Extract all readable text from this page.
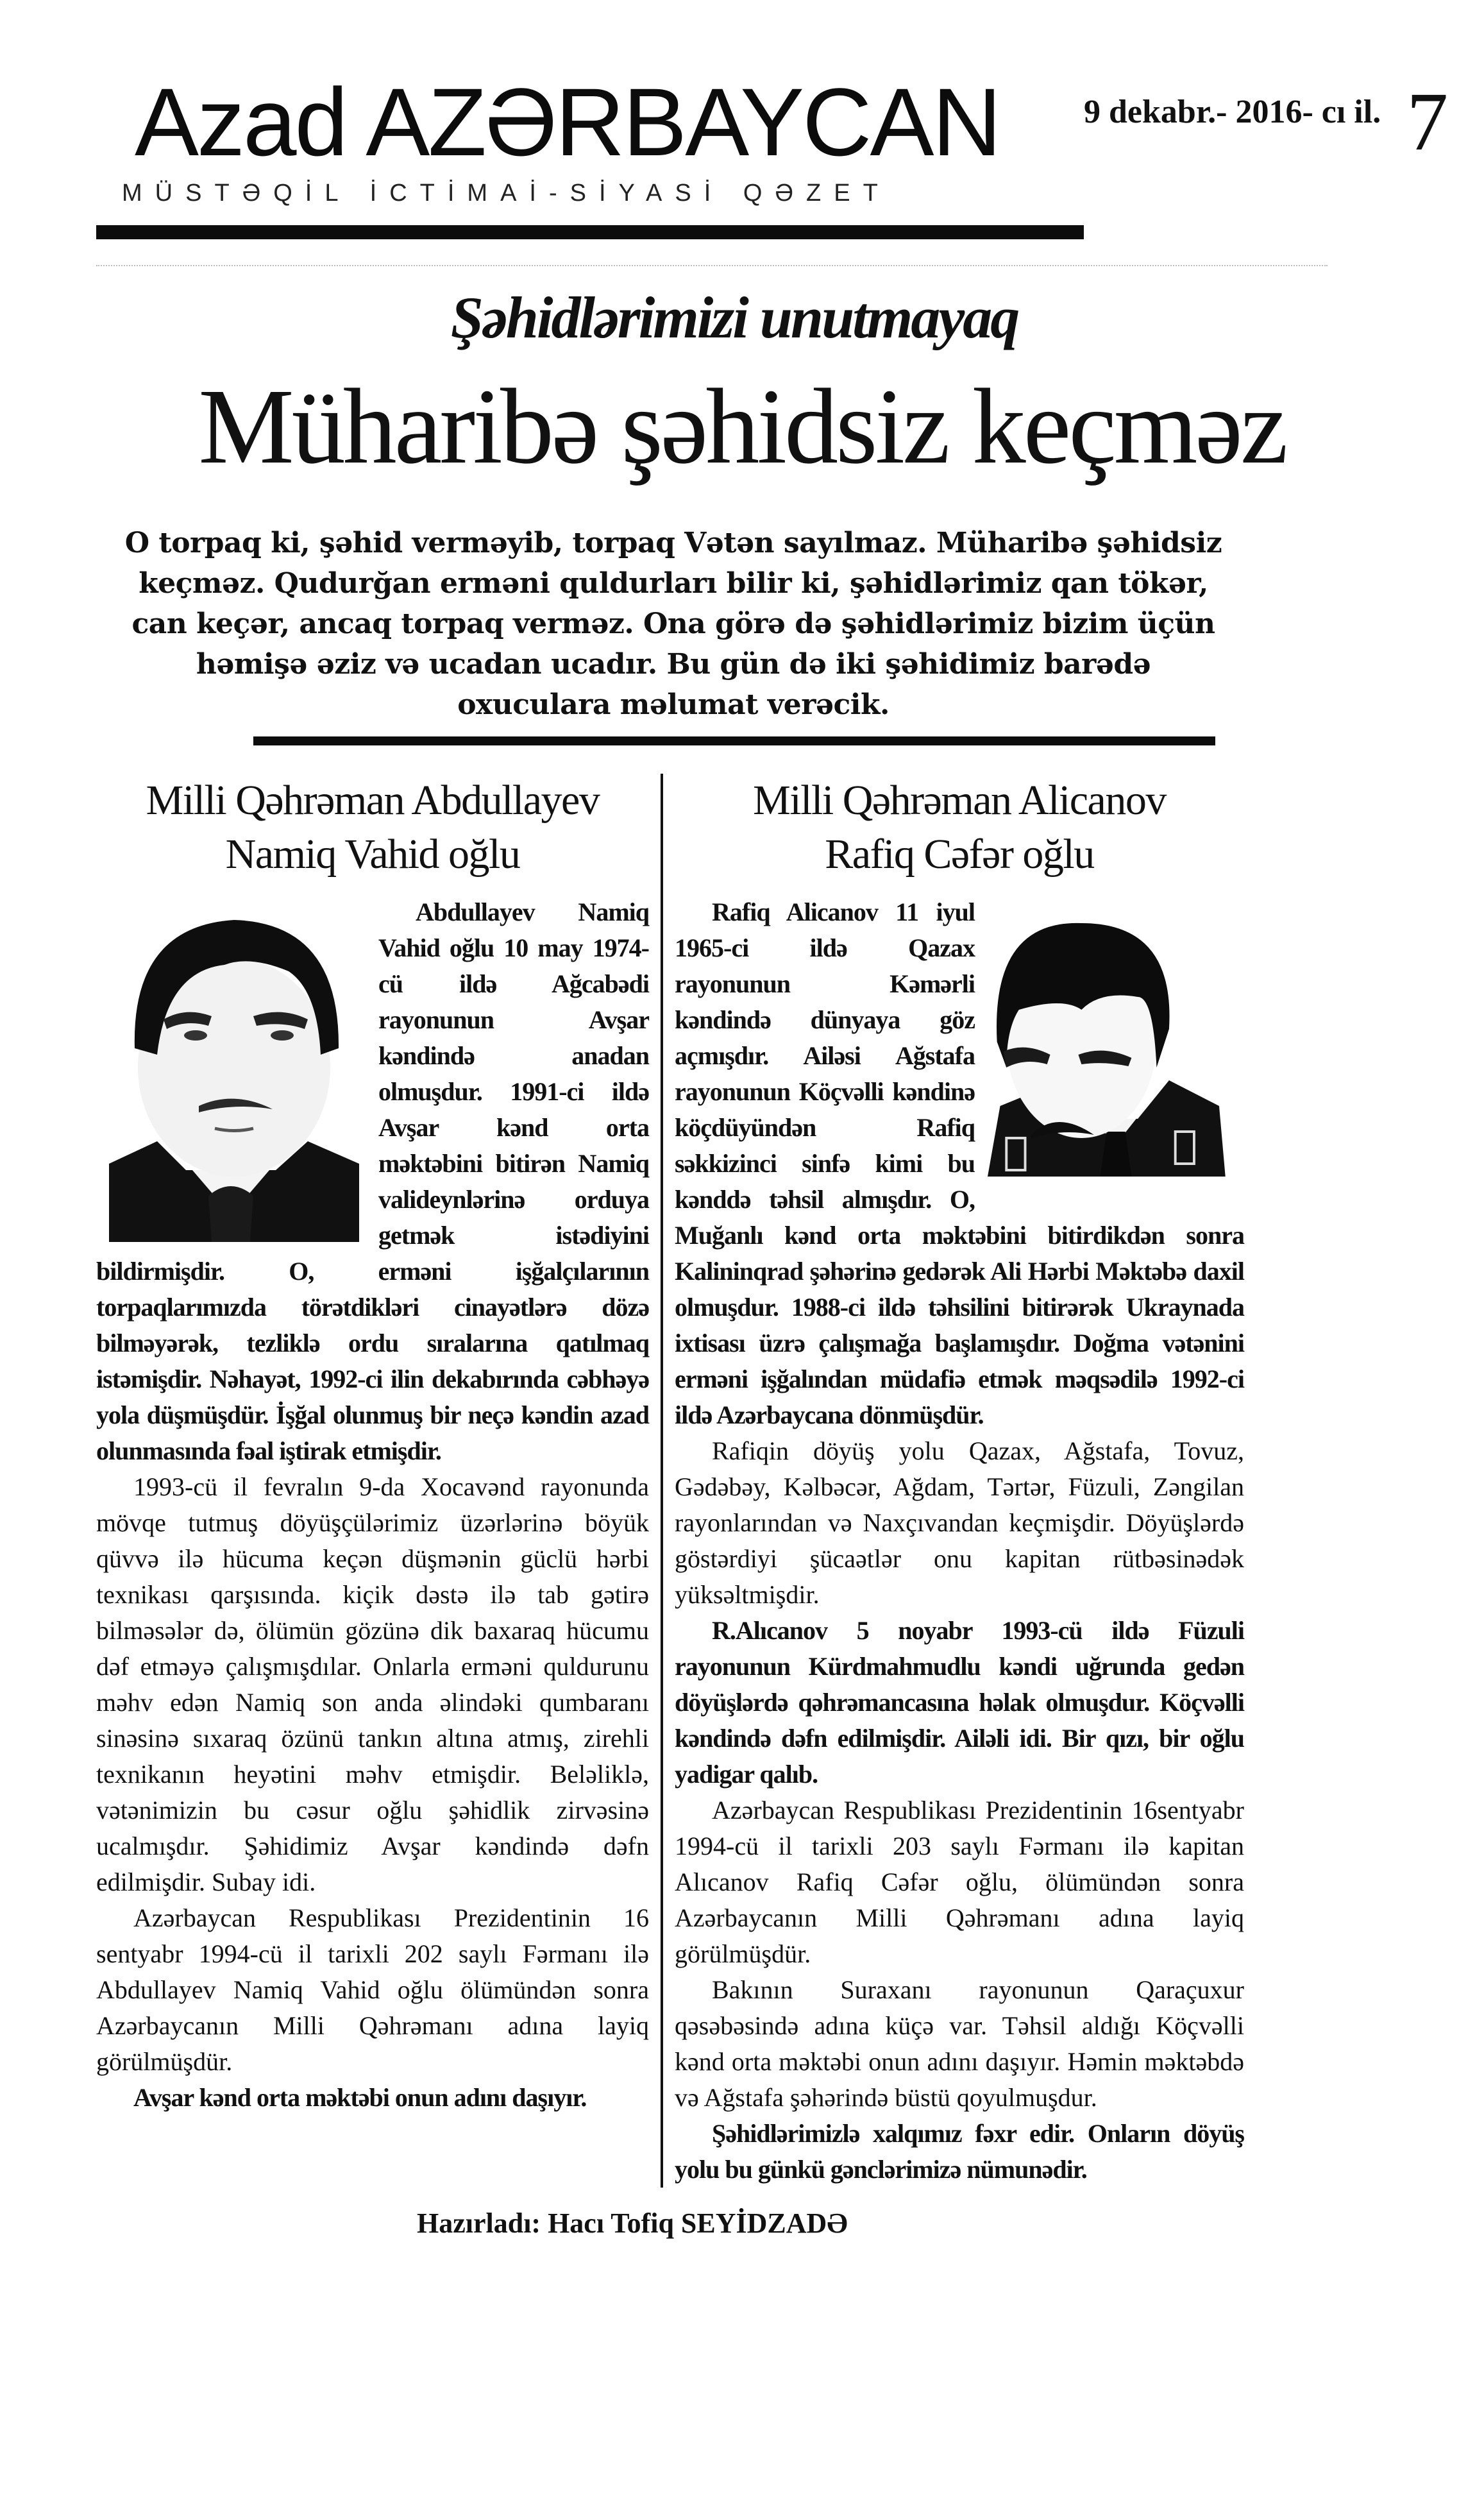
Azad AZƏRBAYCAN
MÜSTƏQİL İCTİMAİ-SİYASİ QƏZET
9 dekabr.- 2016- cı il. 7
Şəhidlərimizi unutmayaq
Müharibə şəhidsiz keçməz
O torpaq ki, şəhid verməyib, torpaq Vətən sayılmaz. Müharibə şəhidsiz keçməz. Qudurğan erməni quldurları bilir ki, şəhidlərimiz qan tökər, can keçər, ancaq torpaq verməz. Ona görə də şəhidlərimiz bizim üçün həmişə əziz və ucadan ucadır. Bu gün də iki şəhidimiz barədə oxuculara məlumat verəcik.
Milli Qəhrəman Abdullayev
Namiq Vahid oğlu

Abdullayev Namiq Vahid oğlu 10 may 1974-cü ildə Ağcabədi rayonunun Avşar kəndində anadan olmuşdur. 1991-ci ildə Avşar kənd orta məktəbini bitirən Namiq valideynlərinə orduya getmək istədiyini bildirmişdir. O, erməni işğalçılarının torpaqlarımızda törətdikləri cinayətlərə dözə bilməyərək, tezliklə ordu sıralarına qatılmaq istəmişdir. Nəhayət, 1992-ci ilin dekabırında cəbhəyə yola düşmüşdür. İşğal olunmuş bir neçə kəndin azad olunmasında fəal iştirak etmişdir.

1993-cü il fevralın 9-da Xocavənd rayonunda mövqe tutmuş döyüşçülərimiz üzərlərinə böyük qüvvə ilə hücuma keçən düşmənin güclü hərbi texnikası qarşısında. kiçik dəstə ilə tab gətirə bilməsələr də, ölümün gözünə dik baxaraq hücumu dəf etməyə çalışmışdılar. Onlarla erməni quldurunu məhv edən Namiq son anda əlindəki qumbaranı sinəsinə sıxaraq özünü tankın altına atmış, zirehli texnikanın heyətini məhv etmişdir. Beləliklə, vətənimizin bu cəsur oğlu şəhidlik zirvəsinə ucalmışdır. Şəhidimiz Avşar kəndində dəfn edilmişdir. Subay idi.

Azərbaycan Respublikası Prezidentinin 16 sentyabr 1994-cü il tarixli 202 saylı Fərmanı ilə Abdullayev Namiq Vahid oğlu ölümündən sonra Azərbaycanın Milli Qəhrəmanı adına layiq görülmüşdür.

Avşar kənd orta məktəbi onun adını daşıyır.

Milli Qəhrəman Alicanov
Rafiq Cəfər oğlu

Rafiq Alicanov 11 iyul 1965-ci ildə Qazax rayonunun Kəmərli kəndində dünyaya göz açmışdır. Ailəsi Ağstafa rayonunun Köçvəlli kəndinə köçdüyündən Rafiq səkkizinci sinfə kimi bu kənddə təhsil almışdır. O, Muğanlı kənd orta məktəbini bitirdikdən sonra Kalininqrad şəhərinə gedərək Ali Hərbi Məktəbə daxil olmuşdur. 1988-ci ildə təhsilini bitirərək Ukraynada ixtisası üzrə çalışmağa başlamışdır. Doğma vətənini erməni işğalından müdafiə etmək məqsədilə 1992-ci ildə Azərbaycana dönmüşdür.

Rafiqin döyüş yolu Qazax, Ağstafa, Tovuz, Gədəbəy, Kəlbəcər, Ağdam, Tərtər, Füzuli, Zəngilan rayonlarından və Naxçıvandan keçmişdir. Döyüşlərdə göstərdiyi şücaətlər onu kapitan rütbəsinədək yüksəltmişdir.

R.Alıcanov 5 noyabr 1993-cü ildə Füzuli rayonunun Kürdmahmudlu kəndi uğrunda gedən döyüşlərdə qəhrəmancasına həlak olmuşdur. Köçvəlli kəndində dəfn edilmişdir. Ailəli idi. Bir qızı, bir oğlu yadigar qalıb.

Azərbaycan Respublikası Prezidentinin 16sentyabr 1994-cü il tarixli 203 saylı Fərmanı ilə kapitan Alıcanov Rafiq Cəfər oğlu, ölümündən sonra Azərbaycanın Milli Qəhrəmanı adına layiq görülmüşdür.

Bakının Suraxanı rayonunun Qaraçuxur qəsəbəsində adına küçə var. Təhsil aldığı Köçvəlli kənd orta məktəbi onun adını daşıyır. Həmin məktəbdə və Ağstafa şəhərində büstü qoyulmuşdur.

Şəhidlərimizlə xalqımız fəxr edir. Onların döyüş yolu bu günkü gənclərimizə nümunədir.

Hazırladı: Hacı Tofiq SEYİDZADƏ
